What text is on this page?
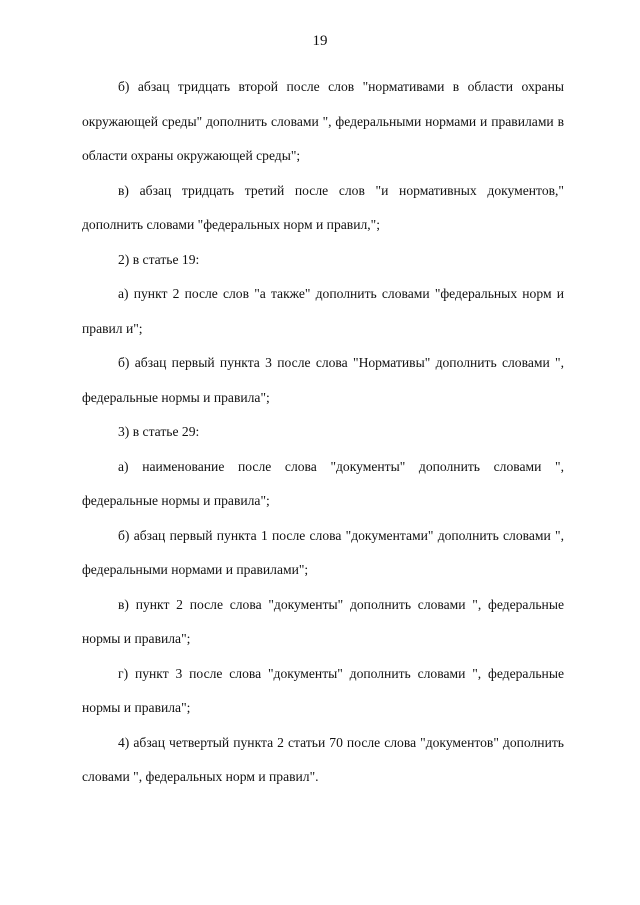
19

б) абзац тридцать второй после слов "нормативами в области охраны окружающей среды" дополнить словами ", федеральными нормами и правилами в области охраны окружающей среды";

в) абзац тридцать третий после слов "и нормативных документов," дополнить словами "федеральных норм и правил,";

2) в статье 19:

а) пункт 2 после слов "а также" дополнить словами "федеральных норм и правил и";

б) абзац первый пункта 3 после слова "Нормативы" дополнить словами ", федеральные нормы и правила";

3) в статье 29:

а) наименование после слова "документы" дополнить словами ", федеральные нормы и правила";

б) абзац первый пункта 1 после слова "документами" дополнить словами ", федеральными нормами и правилами";

в) пункт 2 после слова "документы" дополнить словами ", федеральные нормы и правила";

г) пункт 3 после слова "документы" дополнить словами ", федеральные нормы и правила";

4) абзац четвертый пункта 2 статьи 70 после слова "документов" дополнить словами ", федеральных норм и правил".
